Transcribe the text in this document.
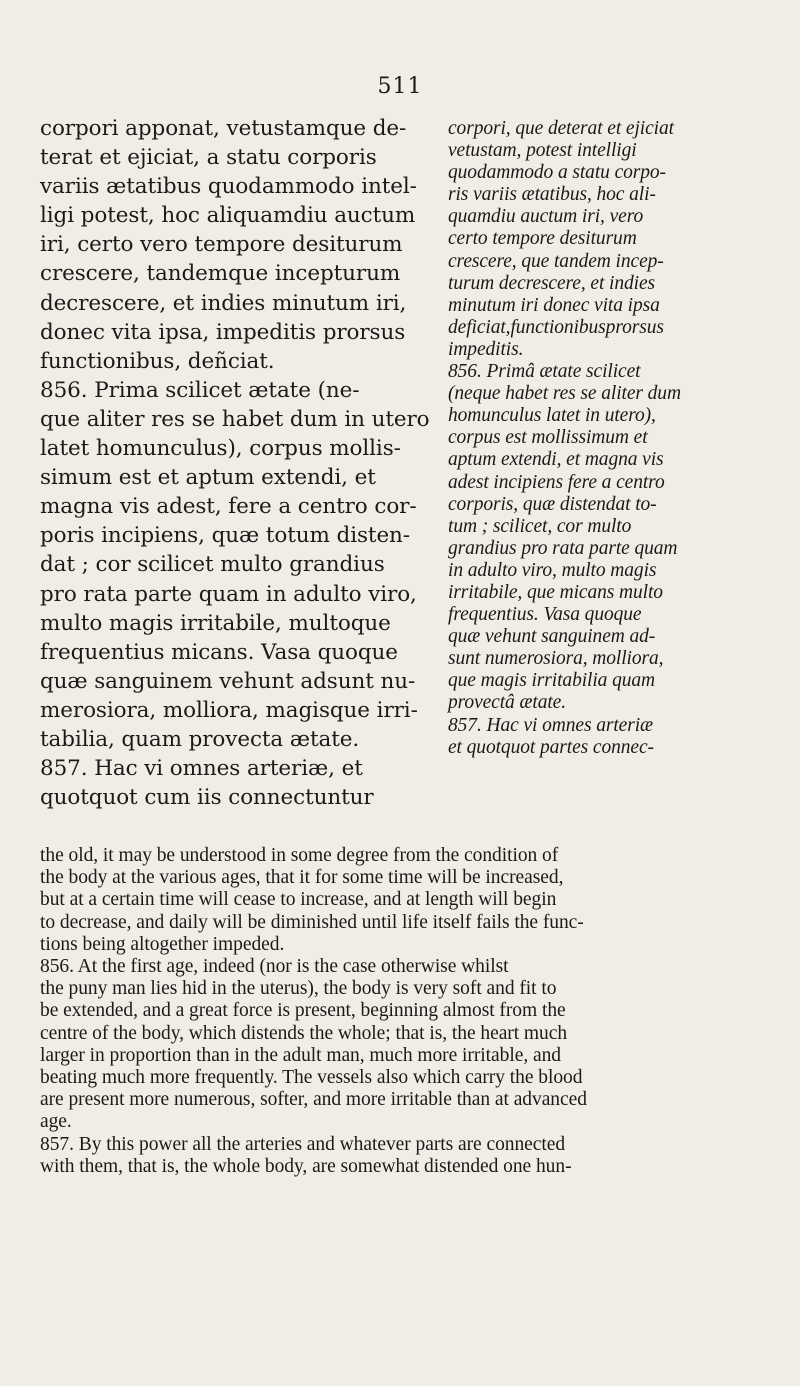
511
corpori apponat, vetustamque de-
terat et ejiciat, a statu corporis
variis ætatibus quodammodo intel-
ligi potest, hoc aliquamdiu auctum
iri, certo vero tempore desiturum
crescere, tandemque incepturum
decrescere, et indies minutum iri,
donec vita ipsa, impeditis prorsus
functionibus, deñciat.
856. Prima scilicet ætate (ne-
que aliter res se habet dum in utero
latet homunculus), corpus mollis-
simum est et aptum extendi, et
magna vis adest, fere a centro cor-
poris incipiens, quæ totum disten-
dat ; cor scilicet multo grandius
pro rata parte quam in adulto viro,
multo magis irritabile, multoque
frequentius micans. Vasa quoque
quæ sanguinem vehunt adsunt nu-
merosiora, molliora, magisque irri-
tabilia, quam provecta ætate.
857. Hac vi omnes arteriæ, et
quotquot cum iis connectuntur
corpori, que deterat et ejiciat
vetustam, potest intelligi
quodammodo a statu corpo-
ris variis ætatibus, hoc ali-
quamdiu auctum iri, vero
certo tempore desiturum
crescere, que tandem incep-
turum decrescere, et indies
minutum iri donec vita ipsa
deficiat,functionibusprorsus
impeditis.
856. Primâ ætate scilicet
(neque habet res se aliter dum
homunculus latet in utero),
corpus est mollissimum et
aptum extendi, et magna vis
adest incipiens fere a centro
corporis, quæ distendat to-
tum ; scilicet, cor multo
grandius pro rata parte quam
in adulto viro, multo magis
irritabile, que micans multo
frequentius. Vasa quoque
quæ vehunt sanguinem ad-
sunt numerosiora, molliora,
que magis irritabilia quam
provectâ ætate.
857. Hac vi omnes arteriæ
et quotquot partes connec-
the old, it may be understood in some degree from the condition of
the body at the various ages, that it for some time will be increased,
but at a certain time will cease to increase, and at length will begin
to decrease, and daily will be diminished until life itself fails the func-
tions being altogether impeded.
856. At the first age, indeed (nor is the case otherwise whilst
the puny man lies hid in the uterus), the body is very soft and fit to
be extended, and a great force is present, beginning almost from the
centre of the body, which distends the whole; that is, the heart much
larger in proportion than in the adult man, much more irritable, and
beating much more frequently. The vessels also which carry the blood
are present more numerous, softer, and more irritable than at advanced
age.
857. By this power all the arteries and whatever parts are connected
with them, that is, the whole body, are somewhat distended one hun-
